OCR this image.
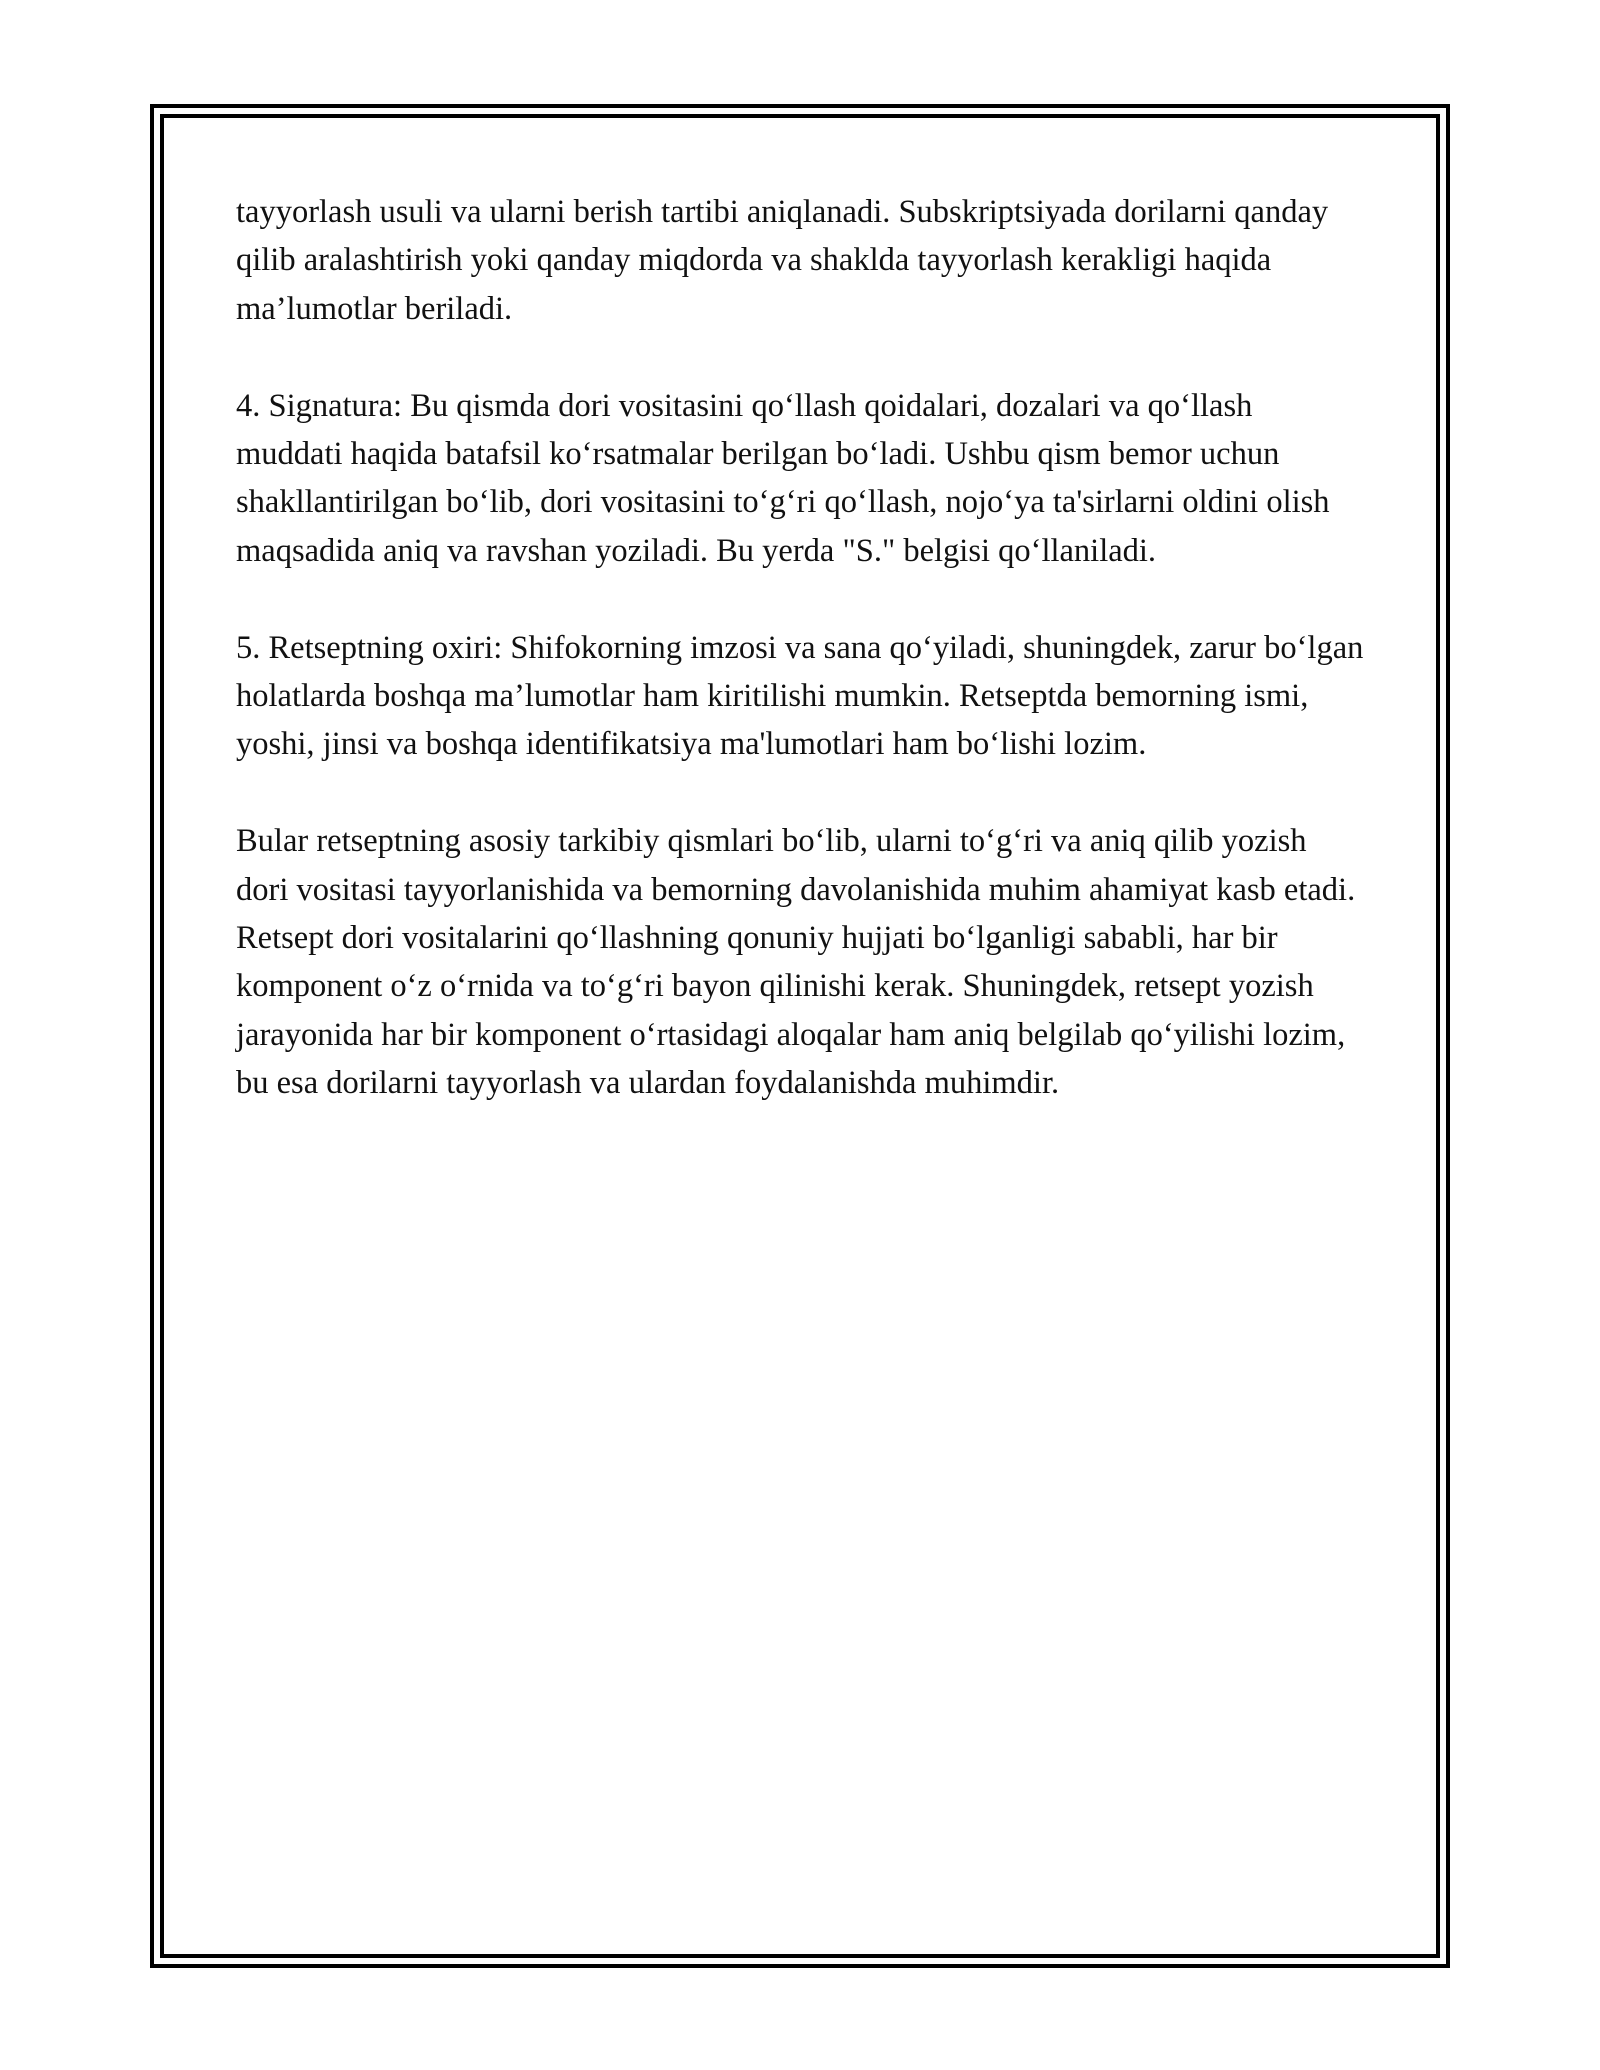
tayyorlash usuli va ularni berish tartibi aniqlanadi. Subskriptsiyada dorilarni qanday qilib aralashtirish yoki qanday miqdorda va shaklda tayyorlash kerakligi haqida ma’lumotlar beriladi.

4. Signatura: Bu qismda dori vositasini qo‘llash qoidalari, dozalari va qo‘llash muddati haqida batafsil ko‘rsatmalar berilgan bo‘ladi. Ushbu qism bemor uchun shakllantirilgan bo‘lib, dori vositasini to‘g‘ri qo‘llash, nojo‘ya ta'sirlarni oldini olish maqsadida aniq va ravshan yoziladi. Bu yerda "S." belgisi qo‘llaniladi.

5. Retseptning oxiri: Shifokorning imzosi va sana qo‘yiladi, shuningdek, zarur bo‘lgan holatlarda boshqa ma’lumotlar ham kiritilishi mumkin. Retseptda bemorning ismi, yoshi, jinsi va boshqa identifikatsiya ma'lumotlari ham bo‘lishi lozim.

Bular retseptning asosiy tarkibiy qismlari bo‘lib, ularni to‘g‘ri va aniq qilib yozish dori vositasi tayyorlanishida va bemorning davolanishida muhim ahamiyat kasb etadi. Retsept dori vositalarini qo‘llashning qonuniy hujjati bo‘lganligi sababli, har bir komponent o‘z o‘rnida va to‘g‘ri bayon qilinishi kerak. Shuningdek, retsept yozish jarayonida har bir komponent o‘rtasidagi aloqalar ham aniq belgilab qo‘yilishi lozim, bu esa dorilarni tayyorlash va ulardan foydalanishda muhimdir.
